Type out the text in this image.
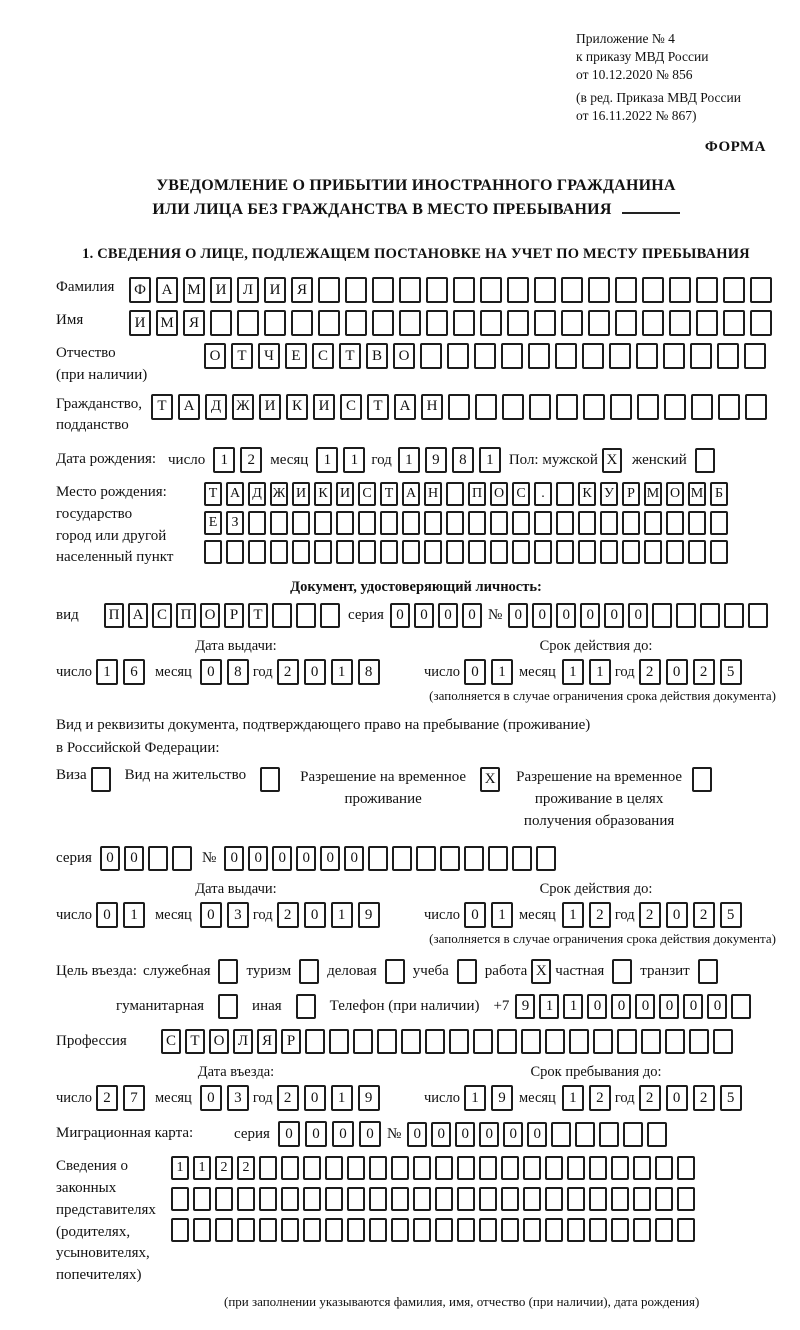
Приложение № 4
к приказу МВД России
от 10.12.2020 № 856
(в ред. Приказа МВД России
от 16.11.2022 № 867)
ФОРМА
УВЕДОМЛЕНИЕ О ПРИБЫТИИ ИНОСТРАННОГО ГРАЖДАНИНА
ИЛИ ЛИЦА БЕЗ ГРАЖДАНСТВА В МЕСТО ПРЕБЫВАНИЯ
1. СВЕДЕНИЯ О ЛИЦЕ, ПОДЛЕЖАЩЕМ ПОСТАНОВКЕ НА УЧЕТ ПО МЕСТУ ПРЕБЫВАНИЯ
Фамилия	Ф	А М И	Л	И	Я
Имя	И М	Я
Отчество
(при наличии)
О	Т	Ч	Е	С	Т	В	О
Гражданство,
подданство
Т	А	Д	Ж И	К	И	С	Т	А	Н
Дата рождения: число	1	2	месяц	1	1 год 1	9	8	1	Пол: мужской X женский
Место рождения:
государство
город или другой
населенный пункт
Т А Д Ж И К И С Т А Н П О С	.	К У Р М О М Б
Е	З
Документ, удостоверяющий личность:
вид	П А С П О Р	Т	серия 0	0	0	0 № 0	0	0	0	0	0
Дата выдачи:	Срок действия до:
число 1	6	месяц	0	8 год 2	0	1	8	число 0	1 месяц 1	1 год 2	0	2	5
(заполняется в случае ограничения срока действия документа)
Вид и реквизиты документа, подтверждающего право на пребывание (проживание)
в Российской Федерации:
Виза	Вид на жительство	Разрешение на временное проживание
X	Разрешение на временное проживание в целях получения образования
серия 0	0	№ 0	0	0	0	0	0
Дата выдачи:	Срок действия до:
число 0	1	месяц	0	3 год 2	0	1	9	число 0	1 месяц 1	2 год 2	0	2	5
(заполняется в случае ограничения срока действия документа)
Цель въезда: служебная туризм деловая учеба работа X частная транзит
гуманитарная	иная	Телефон (при наличии) +7 9	1	1	0	0	0	0	0	0
Профессия	С Т О Л Я Р
Дата въезда:	Срок пребывания до:
число 2	7	месяц	0	3 год 2	0	1	9	число 1	9 месяц 1	2 год 2	0	2	5
Миграционная карта:	серия	0	0	0	0 № 0	0	0	0	0	0
Сведения о
законных
представителях
(родителях,
усыновителях,
попечителях)
1	1	2	2
(при заполнении указываются фамилия, имя, отчество (при наличии), дата рождения)
